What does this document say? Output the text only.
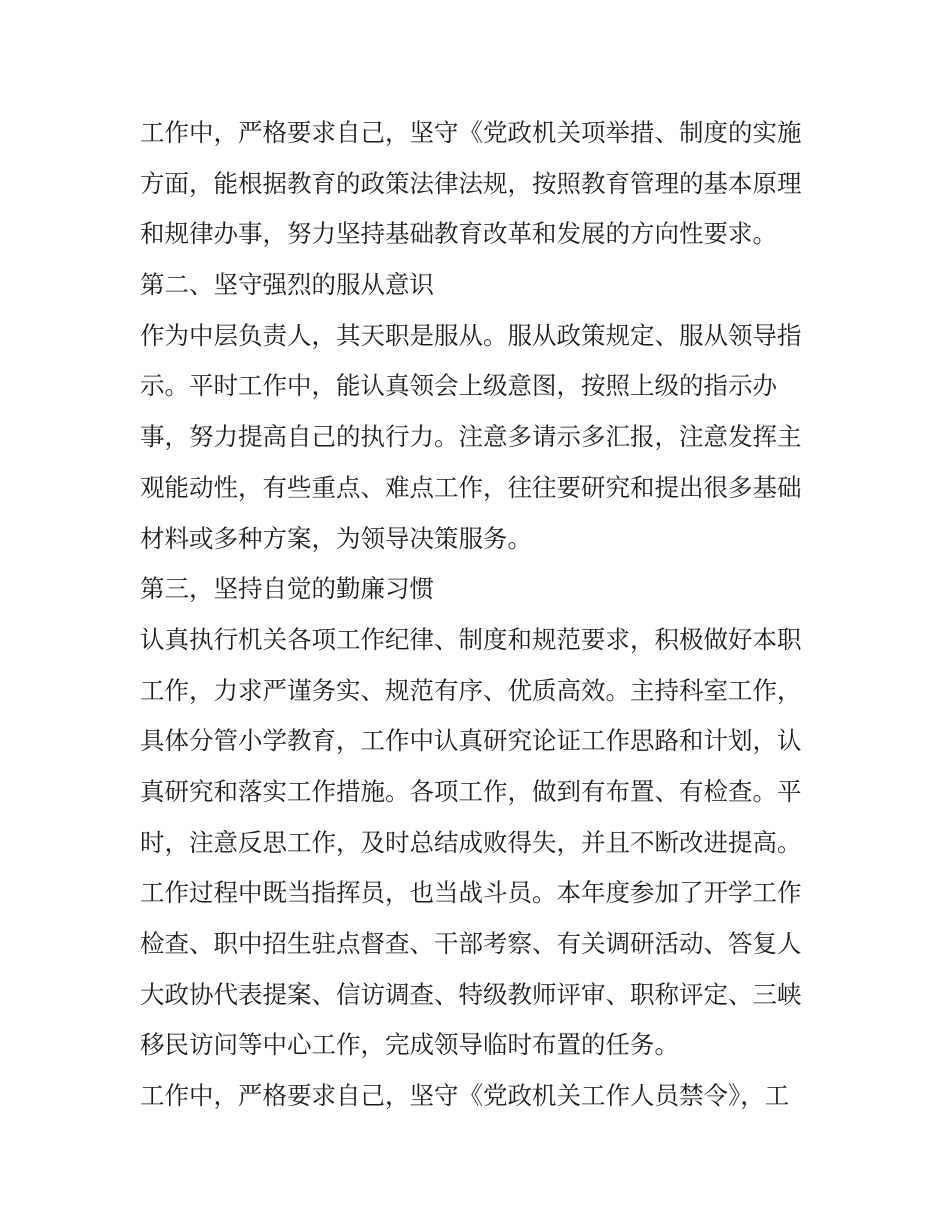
工作中，严格要求自己，坚守《党政机关项举措、制度的实施
方面，能根据教育的政策法律法规，按照教育管理的基本原理
和规律办事，努力坚持基础教育改革和发展的方向性要求。
第二、坚守强烈的服从意识
作为中层负责人，其天职是服从。服从政策规定、服从领导指
示。平时工作中，能认真领会上级意图，按照上级的指示办
事，努力提高自己的执行力。注意多请示多汇报，注意发挥主
观能动性，有些重点、难点工作，往往要研究和提出很多基础
材料或多种方案，为领导决策服务。
第三，坚持自觉的勤廉习惯
认真执行机关各项工作纪律、制度和规范要求，积极做好本职
工作，力求严谨务实、规范有序、优质高效。主持科室工作，
具体分管小学教育，工作中认真研究论证工作思路和计划，认
真研究和落实工作措施。各项工作，做到有布置、有检查。平
时，注意反思工作，及时总结成败得失，并且不断改进提高。
工作过程中既当指挥员，也当战斗员。本年度参加了开学工作
检查、职中招生驻点督查、干部考察、有关调研活动、答复人
大政协代表提案、信访调查、特级教师评审、职称评定、三峡
移民访问等中心工作，完成领导临时布置的任务。
工作中，严格要求自己，坚守《党政机关工作人员禁令》，工
